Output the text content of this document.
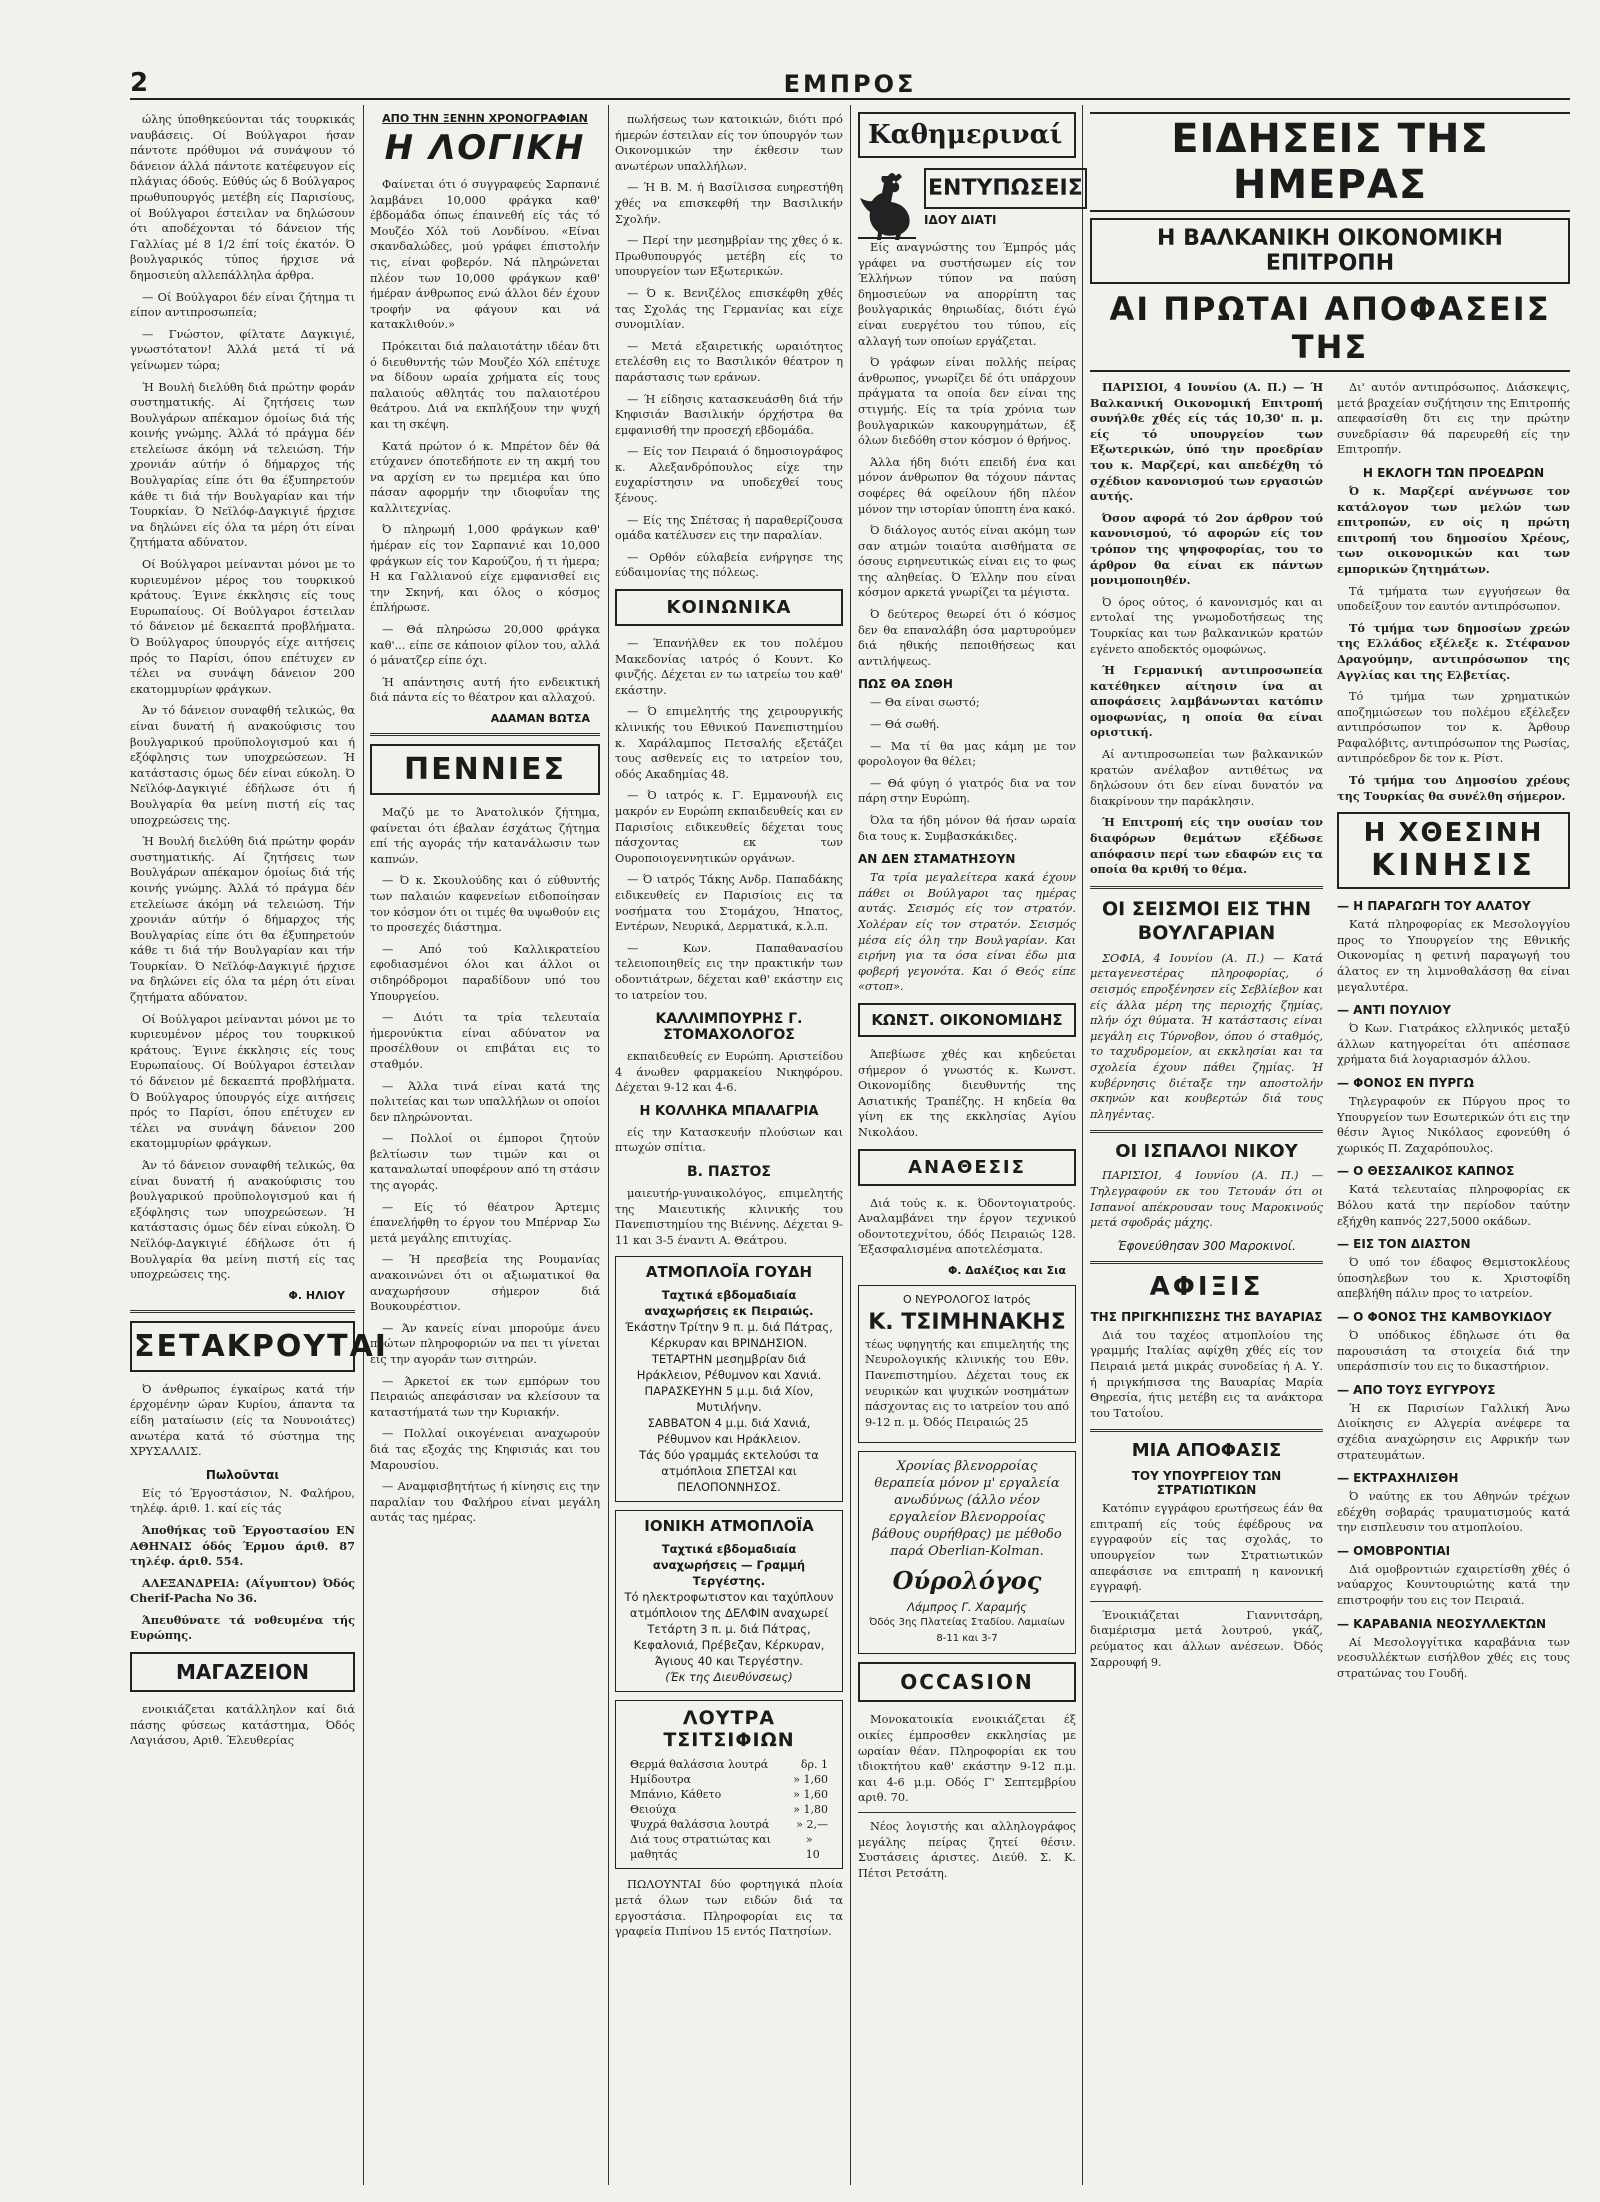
2	ΕΜΠΡΟΣ

ώλης ύποθηκεύονται τάς τουρκικάς ναυβάσεις. Οί Βούλγαροι ήσαν πάντοτε πρόθυμοι νά συνάψουν τό δάνειον άλλά πάντοτε κατέφευγον είς πλάγιας όδούς. Εύθύς ώς δ Βούλγαρος πρωθυπουργός μετέβη είς Παρισίους, οί Βούλγαροι έστειλαν να δηλώσουν ότι αποδέχονται τό δάνειον τής Γαλλίας μέ 8 1/2 έπί τοίς έκατόν. Ό βουλγαρικός τύπος ήρχισε νά δημοσιεύη αλλεπάλληλα άρθρα.

— Οί Βούλγαροι δέν είναι ζήτημα τι είπον αντιπροσωπεία;

— Γνώστον, φίλτατε Δαγκιγιέ, γνωστότατον! Άλλά μετά τί νά γείνωμεν τώρα;

Ή Βουλή διελύθη διά πρώτην φοράν συστηματικής. Αί ζητήσεις των Βουλγάρων απέκαμον όμοίως διά τής κοινής γνώμης. Άλλά τό πράγμα δέν ετελείωσε άκόμη νά τελειώση. Τήν χρονιάν αύτήν ό δήμαρχος τής Βουλγαρίας είπε ότι θα έξυπηρετούν κάθε τι διά τήν Βουλγαρίαν και τήν Τουρκίαν. Ό Νεϊλόφ-Δαγκιγιέ ήρχισε να δηλώνει είς όλα τα μέρη ότι είναι ζητήματα αδύνατον.

Οί Βούλγαροι μείνανται μόνοι με το κυριευμένον μέρος του τουρκικού κράτους. Έγινε έκκλησις είς τους Ευρωπαίους. Οί Βούλγαροι έστειλαν τό δάνειον μέ δεκαεπτά προβλήματα. Ό Βούλγαρος ύπουργός είχε αιτήσεις πρός το Παρίσι, όπου επέτυχεν εν τέλει να συνάψη δάνειον 200 εκατομμυρίων φράγκων.

Άν τό δάνειον συναφθή τελικώς, θα είναι δυνατή ή ανακούφισις του βουλγαρικού προϋπολογισμού και ή εξόφλησις των υποχρεώσεων. Ή κατάστασις όμως δέν είναι εύκολη. Ό Νεϊλόφ-Δαγκιγιέ έδήλωσε ότι ή Βουλγαρία θα μείνη πιστή είς τας υποχρεώσεις της.

Ή Βουλή διελύθη διά πρώτην φοράν συστηματικής. Αί ζητήσεις των Βουλγάρων απέκαμον όμοίως διά τής κοινής γνώμης. Άλλά τό πράγμα δέν ετελείωσε άκόμη νά τελειώση. Τήν χρονιάν αύτήν ό δήμαρχος τής Βουλγαρίας είπε ότι θα έξυπηρετούν κάθε τι διά τήν Βουλγαρίαν και τήν Τουρκίαν. Ό Νεϊλόφ-Δαγκιγιέ ήρχισε να δηλώνει είς όλα τα μέρη ότι είναι ζητήματα αδύνατον.

Οί Βούλγαροι μείνανται μόνοι με το κυριευμένον μέρος του τουρκικού κράτους. Έγινε έκκλησις είς τους Ευρωπαίους. Οί Βούλγαροι έστειλαν τό δάνειον μέ δεκαεπτά προβλήματα. Ό Βούλγαρος ύπουργός είχε αιτήσεις πρός το Παρίσι, όπου επέτυχεν εν τέλει να συνάψη δάνειον 200 εκατομμυρίων φράγκων.

Άν τό δάνειον συναφθή τελικώς, θα είναι δυνατή ή ανακούφισις του βουλγαρικού προϋπολογισμού και ή εξόφλησις των υποχρεώσεων. Ή κατάστασις όμως δέν είναι εύκολη. Ό Νεϊλόφ-Δαγκιγιέ έδήλωσε ότι ή Βουλγαρία θα μείνη πιστή είς τας υποχρεώσεις της.

Φ. ΗΛΙΟΥ
ΣΕΤΑΚΡΟΥΤΑΙ

Ό άνθρωπος έγκαίρως κατά τήν έρχομένην ώραν Κυρίου, άπαντα τα είδη ματαίωσιν (είς τα Νουνοιάτες) ανωτέρα κατά τό σύστημα της ΧΡΥΣΑΛΛΙΣ.

Πωλοῦνται

Είς τό Έργοστάσιον, Ν. Φαλήρου, τηλέφ. άριθ. 1. καί είς τάς

Άποθήκας τοῦ Έργοστασίου ΕΝ ΑΘΗΝΑΙΣ όδός Έρμου άριθ. 87 τηλέφ. άριθ. 554.

ΑΛΕΞΑΝΔΡΕΙΑ: (Αΐγυπτον) Όδός Cherif-Pacha No 36.

Άπευθύνατε τά νοθευμένα τής Ευρώπης.

ΜΑΓΑΖΕΙΟΝ

ενοικιάζεται κατάλληλον καί διά πάσης φύσεως κατάστημα, Όδός Λαγιάσου, Αριθ. Έλευθερίας

ΑΠΟ ΤΗΝ ΞΕΝΗΝ ΧΡΟΝΟΓΡΑΦΙΑΝ
Η ΛΟΓΙΚΗ

Φαίνεται ότι ό συγγραφεύς Σαρπανιέ λαμβάνει 10,000 φράγκα καθ' έβδομάδα όπως έπαινεθή είς τάς τό Μουζέο Χόλ τοϋ Λονδίνου. «Είναι σκανδαλώδες, μού γράφει έπιστολήν τις, είναι φοβερόν. Νά πληρώνεται πλέον των 10,000 φράγκων καθ' ήμέραν άνθρωπος ενώ άλλοι δέν έχουν τροφήν να φάγουν και νά κατακλιθούν.»

Πρόκειται διά παλαιοτάτην ιδέαν δτι ό διευθυντής τών Μουζέο Χόλ επέτυχε να δίδουν ωραία χρήματα είς τους παλαιούς αθλητάς του παλαιοτέρου θεάτρου. Διά να εκπλήξουν την ψυχή και τη σκέψη.

Κατά πρώτον ό κ. Μπρέτον δέν θά ετύχανεν όποτεδήποτε εν τη ακμή του να αρχίση εν τω πρεμιέρα και ύπο πάσαν αφορμήν την ιδιοφυΐαν της καλλιτεχνίας.

Ό πληρωμή 1,000 φράγκων καθ' ήμέραν είς τον Σαρπανιέ και 10,000 φράγκων είς τον Καρούζου, ή τι ήμερα; Η κα Γαλλιανού είχε εμφανισθεί εις την Σκηνή, και όλος ο κόσμος έπλήρωσε.

— Θά πληρώσω 20,000 φράγκα καθ'... είπε σε κάποιον φίλον του, αλλά ό μάνατζερ είπε όχι.

Ή απάντησις αυτή ήτο ενδεικτική διά πάντα είς το θέατρον και αλλαχού.

ΑΔΑΜΑΝ ΒΩΤΣΑ
ΠΕΝΝΙΕΣ

Μαζύ με το Άνατολικόν ζήτημα, φαίνεται ότι έβαλαν έσχάτως ζήτημα επί τής αγοράς τήν κατανάλωσιν των καπνών.

— Ό κ. Σκουλούδης και ό εύθυντής των παλαιών καφενείων ειδοποίησαν τον κόσμον ότι οι τιμές θα υψωθούν εις το προσεχές διάστημα.

— Από τού Καλλικρατείου εφοδιασμένοι όλοι και άλλοι οι σιδηρόδρομοι παραδίδουν υπό του Υπουργείου.

— Διότι τα τρία τελευταία ήμερονύκτια είναι αδύνατον να προσέλθουν οι επιβάται εις το σταθμόν.

— Άλλα τινά είναι κατά της πολιτείας και των υπαλλήλων οι οποίοι δεν πληρώνονται.

— Πολλοί οι έμποροι ζητούν βελτίωσιν των τιμών και οι καταναλωταί υποφέρουν από τη στάσιν της αγοράς.

— Είς τό θέατρον Άρτεμις έπανελήφθη το έργον του Μπέρναρ Σω μετά μεγάλης επιτυχίας.

— Ή πρεσβεία της Ρουμανίας ανακοινώνει ότι οι αξιωματικοί θα αναχωρήσουν σήμερον διά Βουκουρέστιον.

— Άν κανείς είναι μπορούμε άνευ πρώτων πληροφοριών να πει τι γίνεται εις την αγοράν των σιτηρών.

— Άρκετοί εκ των εμπόρων του Πειραιώς απεφάσισαν να κλείσουν τα καταστήματά των την Κυριακήν.

— Πολλαί οικογένειαι αναχωρούν διά τας εξοχάς της Κηφισιάς και του Μαρουσίου.

— Αναμφισβητήτως ή κίνησις εις την παραλίαν του Φαλήρου είναι μεγάλη αυτάς τας ημέρας.

πωλήσεως των κατοικιών, διότι πρό ήμερών έστειλαν είς τον ύπουργόν των Οικονομικών την έκθεσιν των ανωτέρων υπαλλήλων.

— Ή Β. Μ. ή Βασίλισσα ευηρεστήθη χθές να επισκεφθή την Βασιλικήν Σχολήν.

— Περί την μεσημβρίαν της χθες ό κ. Πρωθυπουργός μετέβη είς το υπουργείον των Εξωτερικών.

— Ό κ. Βενιζέλος επισκέφθη χθές τας Σχολάς της Γερμανίας και είχε συνομιλίαν.

— Μετά εξαιρετικής ωραιότητος ετελέσθη εις το Βασιλικόν θέατρον η παράστασις των εράνων.

— Ή είδησις κατασκευάσθη διά τήν Κηφισιάν Βασιλικήν όρχήστρα θα εμφανισθή την προσεχή εβδομάδα.

— Είς τον Πειραιά ό δημοσιογράφος κ. Αλεξανδρόπουλος είχε την ευχαρίστησιν να υποδεχθεί τους ξένους.

— Είς της Σπέτσας ή παραθερίζουσα ομάδα κατέλυσεν εις την παραλίαν.

— Ορθόν εύλαβεία ενήργησε της εύδαιμονίας της πόλεως.

ΚΟΙΝΩΝΙΚΑ

— Έπανήλθεν εκ του πολέμου Μακεδονίας ιατρός ό Κουντ. Κο φινζής. Δέχεται εν τω ιατρείω του καθ' εκάστην.

— Ό επιμελητής της χειρουργικής κλινικής του Εθνικού Πανεπιστημίου κ. Χαράλαμπος Πετσαλής εξετάζει τους ασθενείς εις το ιατρείον του, οδός Ακαδημίας 48.

— Ό ιατρός κ. Γ. Εμμανουήλ εις μακρόν εν Ευρώπη εκπαιδευθείς και εν Παρισίοις ειδικευθείς δέχεται τους πάσχοντας εκ των Ουροποιογεννητικών οργάνων.

— Ό ιατρός Τάκης Ανδρ. Παπαδάκης ειδικευθείς εν Παρισίοις εις τα νοσήματα του Στομάχου, Ήπατος, Εντέρων, Νευρικά, Δερματικά, κ.λ.π.

— Κων. Παπαθανασίου τελειοποιηθείς εις την πρακτικήν των οδοντιάτρων, δέχεται καθ' εκάστην εις το ιατρείον του.

ΚΑΛΛΙΜΠΟΥΡΗΣ Γ. ΣΤΟΜΑΧΟΛΟΓΟΣ

εκπαιδευθείς εν Ευρώπη. Αριστείδου 4 άνωθεν φαρμακείου Νικηφόρου. Δέχεται 9-12 και 4-6.

Η ΚΟΛΛΗΚΑ ΜΠΑΛΑΓΡΙΑ

είς την Κατασκευήν πλούσιων και πτωχών σπίτια.

Β. ΠΑΣΤΟΣ

μαιευτήρ-γυναικολόγος, επιμελητής της Μαιευτικής κλινικής του Πανεπιστημίου της Βιέννης. Δέχεται 9-11 και 3-5 έναντι Α. Θεάτρου.

ΑΤΜΟΠΛΟΪΑ ΓΟΥΔΗ
Ταχτικά εβδομαδιαία αναχωρήσεις εκ Πειραιώς.
Έκάστην Τρίτην 9 π. μ. διά Πάτρας, Κέρκυραν και ΒΡΙΝΔΗΣΙΟΝ.
ΤΕΤΑΡΤΗΝ μεσημβρίαν διά Ηράκλειον, Ρέθυμνον και Χανιά.
ΠΑΡΑΣΚΕΥΗΝ 5 μ.μ. διά Χίον, Μυτιλήνην.
ΣΑΒΒΑΤΟΝ 4 μ.μ. διά Χανιά, Ρέθυμνον και Ηράκλειον.
Τάς δύο γραμμάς εκτελούσι τα ατμόπλοια ΣΠΕΤΣΑΙ και ΠΕΛΟΠΟΝΝΗΣΟΣ.
ΙΟΝΙΚΗ ΑΤΜΟΠΛΟΪΑ
Ταχτικά εβδομαδιαία αναχωρήσεις — Γραμμή Τεργέστης.
Τό ηλεκτροφωτιστον και ταχύπλουν ατμόπλοιον της ΔΕΛΦΙΝ αναχωρεί Τετάρτη 3 π. μ. διά Πάτρας, Κεφαλονιά, Πρέβεζαν, Κέρκυραν, Άγιους 40 και Τεργέστην.
(Έκ της Διευθύνσεως)
ΛΟΥΤΡΑ ΤΣΙΤΣΙΦΙΩΝ
Θερμά θαλάσσια λουτρά	δρ. 1
Ημίδουτρα	» 1,60
Μπάνιο, Κάθετο	» 1,60
Θειούχα	» 1,80
Ψυχρά θαλάσσια λουτρά » 2,—
Διά τους στρατιώτας και μαθητάς
» 10

ΠΩΛΟΥΝΤΑΙ δύο φορτηγικά πλοία μετά όλων των ειδών διά τα εργοστάσια. Πληροφορίαι εις τα γραφεία Πιπίνου 15 εντός Πατησίων.

Καθημεριναί
ΕΝΤΥΠΩΣΕΙΣ
ΙΔΟΥ ΔΙΑΤΙ

Είς αναγνώστης του Έμπρός μάς γράφει να συστήσωμεν είς τον Έλλήνων τύπον να παύση δημοσιεύων να απορρίπτη τας βουλγαρικάς θηριωδίας, διότι έγώ είναι ευεργέτου του τύπου, είς αλλαγή των οποίων εργάζεται.

Ό γράφων είναι πολλής πείρας άνθρωπος, γνωρίζει δέ ότι υπάρχουν πράγματα τα οποία δεν είναι της στιγμής. Είς τα τρία χρόνια των βουλγαρικών κακουργημάτων, έξ όλων διεδόθη στον κόσμον ό θρήνος.

Άλλα ήδη διότι επειδή ένα και μόνον άνθρωπον θα τόχουν πάντας σοφέρες θά οφείλουν ήδη πλέον μόνον την ιστορίαν ύποπτη ένα κακό.

Ό διάλογος αυτός είναι ακόμη των σαν ατμών τοιαύτα αισθήματα σε όσους ειρηνευτικώς είναι εις το φως της αληθείας. Ό Έλλην που είναι κόσμον αρκετά γνωρίζει τα μέγιστα.

Ό δεύτερος θεωρεί ότι ό κόσμος δεν θα επαναλάβη όσα μαρτυρούμεν διά ηθικής πεποιθήσεως και αντιλήψεως.

ΠΩΣ ΘΑ ΣΩΘΗ

— Θα είναι σωστό;

— Θά σωθή.

— Μα τί θα μας κάμη με τον φορολογον θα θέλει;

— Θά φύγη ό γιατρός δια να τον πάρη στην Ευρώπη.

Όλα τα ήδη μόνον θά ήσαν ωραία δια τους κ. Συμβασκάκιδες.

ΑΝ ΔΕΝ ΣΤΑΜΑΤΗΣΟΥΝ

Τα τρία μεγαλείτερα κακά έχουν πάθει οι Βούλγαροι τας ημέρας αυτάς. Σεισμός είς τον στρατόν. Χολέραν είς τον στρατόν. Σεισμός μέσα είς όλη την Βουλγαρίαν. Και ειρήνη για τα όσα είναι έδω μια φοβερή γεγονότα. Και ό Θεός είπε «στοπ».

ΚΩΝΣΤ. ΟΙΚΟΝΟΜΙΔΗΣ

Άπεβίωσε χθές και κηδεύεται σήμερον ό γνωστός κ. Κωνστ. Οικονομίδης διευθυντής της Ασιατικής Τραπέζης. Η κηδεία θα γίνη εκ της εκκλησίας Αγίου Νικολάου.

ΑΝΑΘΕΣΙΣ

Διά τούς κ. κ. Όδοντογιατρούς. Αναλαμβάνει την έργον τεχνικού οδοντοτεχνίτου, όδός Πειραιώς 128. Έξασφαλισμένα αποτελέσματα.

Φ. Δαλέζιος και Σια
Ο ΝΕΥΡΟΛΟΓΟΣ Ιατρός
Κ. ΤΣΙΜΗΝΑΚΗΣ

τέως υφηγητής και επιμελητής της Νευρολογικής κλινικής του Εθν. Πανεπιστημίου. Δέχεται τους εκ νευρικών και ψυχικών νοσημάτων πάσχοντας εις το ιατρείον του από 9-12 π. μ. Όδός Πειραιώς 25

Χρονίας βλενορροίας θεραπεία μόνον μ' εργαλεία ανωδύνως (άλλο νέον εργαλείον Βλενορροίας βάθους ουρήθρας) με μέθοδο παρά Oberlian-Kolman.

Ούρολόγος
Λάμπρος Γ. Χαραμής
Όδός 3ης Πλατείας Σταδίου. Λαμιαίων 8-11 και 3-7
OCCASION

Μονοκατοικία ενοικιάζεται έξ οικίες έμπροσθεν εκκλησίας με ωραίαν θέαν. Πληροφορίαι εκ του ιδιοκτήτου καθ' εκάστην 9-12 π.μ. και 4-6 μ.μ. Οδός Γ' Σεπτεμβρίου αριθ. 70.

Νέος λογιστής και αλληλογράφος μεγάλης πείρας ζητεί θέσιν. Συστάσεις άριστες. Διεύθ. Σ. Κ. Πέτσι Ρετσάτη.

ΕΙΔΗΣΕΙΣ ΤΗΣ ΗΜΕΡΑΣ
Η ΒΑΛΚΑΝΙΚΗ ΟΙΚΟΝΟΜΙΚΗ ΕΠΙΤΡΟΠΗ
ΑΙ ΠΡΩΤΑΙ ΑΠΟΦΑΣΕΙΣ ΤΗΣ

ΠΑΡΙΣΙΟΙ, 4 Ιουνίου (Α. Π.) — Ή Βαλκανική Οικονομική Επιτροπή συνήλθε χθές είς τάς 10,30' π. μ. είς τό υπουργείον των Εξωτερικών, ύπό την προεδρίαν του κ. Μαρζερί, και απεδέχθη τό σχέδιον κανονισμού των εργασιών αυτής.

Όσον αφορά τό 2ον άρθρον τού κανονισμού, τό αφορών είς τον τρόπον της ψηφοφορίας, του το άρθρον θα είναι εκ πάντων μονιμοποιηθέν.

Ό όρος ούτος, ό κανονισμός και αι εντολαί της γνωμοδοτήσεως της Τουρκίας και των βαλκανικών κρατών εγένετο αποδεκτός ομοφώνως.

Ή Γερμανική αντιπροσωπεία κατέθηκεν αίτησιν ίνα αι αποφάσεις λαμβάνωνται κατόπιν ομοφωνίας, η οποία θα είναι οριστική.

Αί αντιπροσωπείαι των βαλκανικών κρατών ανέλαβον αντιθέτως να δηλώσουν ότι δεν είναι δυνατόν να διακρίνουν την παράκλησιν.

Ή Επιτροπή είς την ουσίαν τον διαφόρων θεμάτων εξέδωσε απόφασιν περί των εδαφών εις τα οποία θα κριθή το θέμα.

ΟΙ ΣΕΙΣΜΟΙ ΕΙΣ ΤΗΝ ΒΟΥΛΓΑΡΙΑΝ

ΣΟΦΙΑ, 4 Ιουνίου (Α. Π.) — Κατά μεταγενεστέρας πληροφορίας, ό σεισμός επροξένησεν είς Σεβλίεβον και είς άλλα μέρη της περιοχής ζημίας, πλήν όχι θύματα. Ή κατάστασις είναι μεγάλη εις Τύρνοβον, όπου ό σταθμός, το ταχυδρομείον, αι εκκλησίαι και τα σχολεία έχουν πάθει ζημίας. Ή κυβέρνησις διέταξε την αποστολήν σκηνών και κουβερτών διά τους πληγέντας.

ΟΙ ΙΣΠΑΛΟΙ ΝΙΚΟΥ

ΠΑΡΙΣΙΟΙ, 4 Ιουνίου (Α. Π.) — Τηλεγραφούν εκ του Τετουάν ότι οι Ισπανοί απέκρουσαν τους Μαροκινούς μετά σφοδράς μάχης.

Έφονεύθησαν 300 Μαροκινοί.
ΑΦΙΞΙΣ
ΤΗΣ ΠΡΙΓΚΗΠΙΣΣΗΣ ΤΗΣ ΒΑΥΑΡΙΑΣ

Διά του ταχέος ατμοπλοίου της γραμμής Ιταλίας αφίχθη χθές είς τον Πειραιά μετά μικράς συνοδείας ή Α. Υ. ή πριγκήπισσα της Βαυαρίας Μαρία Θηρεσία, ήτις μετέβη εις τα ανάκτορα του Τατοΐου.

ΜΙΑ ΑΠΟΦΑΣΙΣ
ΤΟΥ ΥΠΟΥΡΓΕΙΟΥ ΤΩΝ ΣΤΡΑΤΙΩΤΙΚΩΝ

Κατόπιν εγγράφου ερωτήσεως έάν θα επιτραπή είς τούς έφέδρους να εγγραφούν είς τας σχολάς, το υπουργείον των Στρατιωτικών απεφάσισε να επιτραπή η κανονική εγγραφή.

Ένοικιάζεται Γιαννιτσάρη, διαμέρισμα μετά λουτρού, γκάζ, ρεύματος και άλλων ανέσεων. Όδός Σαρρουφή 9.

Δι' αυτόν αντιπρόσωπος. Διάσκεψις, μετά βραχείαν συζήτησιν της Επιτροπής απεφασίσθη δτι εις την πρώτην συνεδρίασιν θά παρευρεθή είς την Επιτροπήν.

Η ΕΚΛΟΓΗ ΤΩΝ ΠΡΟΕΔΡΩΝ

Ό κ. Μαρζερί ανέγνωσε τον κατάλογον των μελών των επιτροπών, εν οίς η πρώτη επιτροπή του δημοσίου Χρέους, των οικονομικών και των εμπορικών ζητημάτων.

Τά τμήματα των εγγυήσεων θα υποδείξουν τον εαυτόν αντιπρόσωπον.

Τό τμήμα των δημοσίων χρεών της Ελλάδος εξέλεξε κ. Στέφανον Δραγούμην, αντιπρόσωπον της Αγγλίας και της Ελβετίας.

Τό τμήμα των χρηματικών αποζημιώσεων του πολέμου εξέλεξεν αντιπρόσωπον τον κ. Άρθουρ Ραφαλόβιτς, αντιπρόσωπον της Ρωσίας, αντιπρόεδρον δε τον κ. Ρίστ.

Τό τμήμα του Δημοσίου χρέους της Τουρκίας θα συνέλθη σήμερον.

Η ΧΘΕΣΙΝΗ
ΚΙΝΗΣΙΣ
— Η ΠΑΡΑΓΩΓΗ ΤΟΥ ΑΛΑΤΟΥ

Κατά πληροφορίας εκ Μεσολογγίου προς το Υπουργείον της Εθνικής Οικονομίας η φετινή παραγωγή του άλατος εν τη λιμνοθαλάσσῃ θα είναι μεγαλυτέρα.

— ΑΝΤΙ ΠΟΥΛΙΟΥ

Ό Κων. Γιατράκος ελληνικός μεταξύ άλλων κατηγορείται ότι απέσπασε χρήματα διά λογαριασμόν άλλου.

— ΦΟΝΟΣ ΕΝ ΠΥΡΓΩ

Τηλεγραφούν εκ Πύργου προς το Υπουργείον των Εσωτερικών ότι εις την θέσιν Άγιος Νικόλαος εφονεύθη ό χωρικός Π. Ζαχαρόπουλος.

— Ο ΘΕΣΣΑΛΙΚΟΣ ΚΑΠΝΟΣ

Κατά τελευταίας πληροφορίας εκ Βόλου κατά την περίοδον ταύτην εξήχθη καπνός 227,5000 οκάδων.

— ΕΙΣ ΤΟΝ ΔΙΑΣΤΟΝ

Ό υπό τον έδαφος Θεμιστοκλέους ύποσηλεβων του κ. Χριστοφίδη απεβλήθη πάλιν προς το ιατρείον.

— Ο ΦΟΝΟΣ ΤΗΣ ΚΑΜΒΟΥΚΙΔΟΥ

Ό υπόδικος έδηλωσε ότι θα παρουσιάση τα στοιχεία διά την υπεράσπισίν του εις το δικαστήριον.

— ΑΠΟ ΤΟΥΣ ΕΥΓΥΡΟΥΣ

Ή εκ Παρισίων Γαλλική Άνω Διοίκησις εν Αλγερία ανέφερε τα σχέδια αναχώρησιν εις Αφρικήν των στρατευμάτων.

— ΕΚΤΡΑΧΗΛΙΣΘΗ

Ό ναύτης εκ του Αθηνών τρέχων εδέχθη σοβαράς τραυματισμούς κατά την εισπλευσιν του ατμοπλοίου.

— ΟΜΟΒΡΟΝΤΙΑΙ

Διά ομοβροντιών εχαιρετίσθη χθές ό ναύαρχος Κουντουριώτης κατά την επιστροφήν του εις τον Πειραιά.

— ΚΑΡΑΒΑΝΙΑ ΝΕΟΣΥΛΛΕΚΤΩΝ

Αί Μεσολογγίτικα καραβάνια των νεοσυλλέκτων εισήλθον χθές εις τους στρατώνας του Γουδή.
